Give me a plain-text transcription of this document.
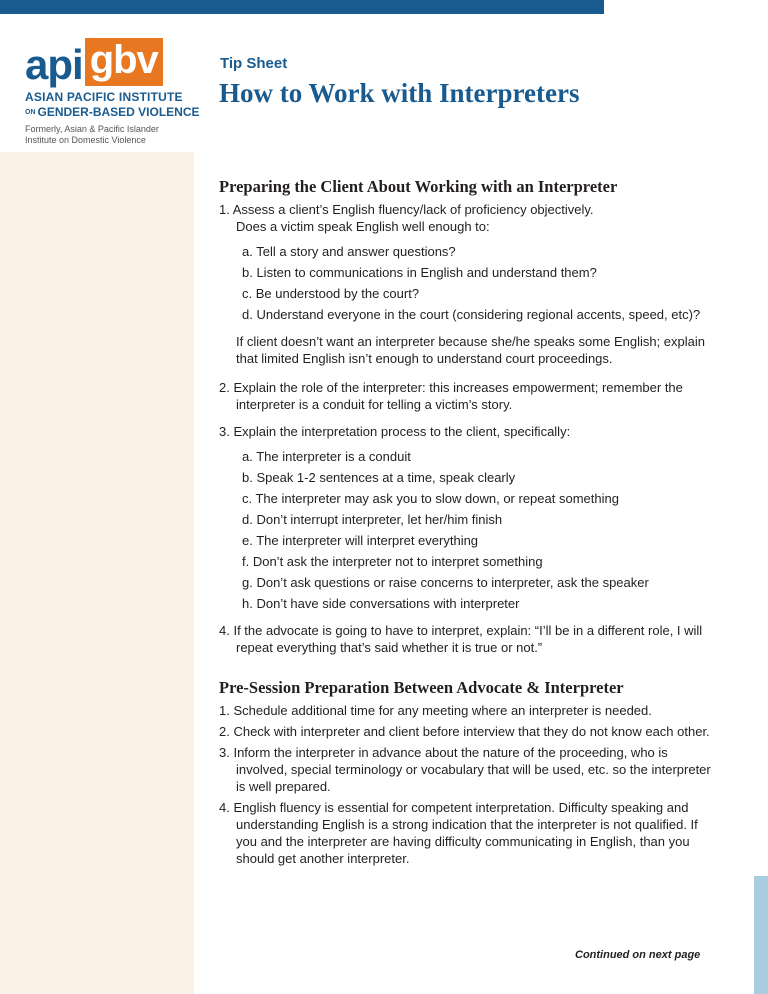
api gbv
ASIAN PACIFIC INSTITUTE
ON GENDER-BASED VIOLENCE
Formerly, Asian & Pacific Islander Institute on Domestic Violence
Tip Sheet
How to Work with Interpreters
Preparing the Client About Working with an Interpreter

1. Assess a client’s English fluency/lack of proficiency objectively.
Does a victim speak English well enough to:

a. Tell a story and answer questions?

b. Listen to communications in English and understand them?

c. Be understood by the court?

d. Understand everyone in the court (considering regional accents, speed, etc)?

If client doesn’t want an interpreter because she/he speaks some English; explain that limited English isn’t enough to understand court proceedings.

2. Explain the role of the interpreter: this increases empowerment; remember the interpreter is a conduit for telling a victim’s story.

3. Explain the interpretation process to the client, specifically:

a. The interpreter is a conduit

b. Speak 1-2 sentences at a time, speak clearly

c. The interpreter may ask you to slow down, or repeat something

d. Don’t interrupt interpreter, let her/him finish

e. The interpreter will interpret everything

f. Don’t ask the interpreter not to interpret something

g. Don’t ask questions or raise concerns to interpreter, ask the speaker

h. Don’t have side conversations with interpreter

4. If the advocate is going to have to interpret, explain: “I’ll be in a different role, I will repeat everything that’s said whether it is true or not.”

Pre-Session Preparation Between Advocate & Interpreter

1. Schedule additional time for any meeting where an interpreter is needed.

2. Check with interpreter and client before interview that they do not know each other.

3. Inform the interpreter in advance about the nature of the proceeding, who is involved, special terminology or vocabulary that will be used, etc. so the interpreter is well prepared.

4. English fluency is essential for competent interpretation. Difficulty speaking and understanding English is a strong indication that the interpreter is not qualified. If you and the interpreter are having difficulty communicating in English, than you should get another interpreter.

Continued on next page
